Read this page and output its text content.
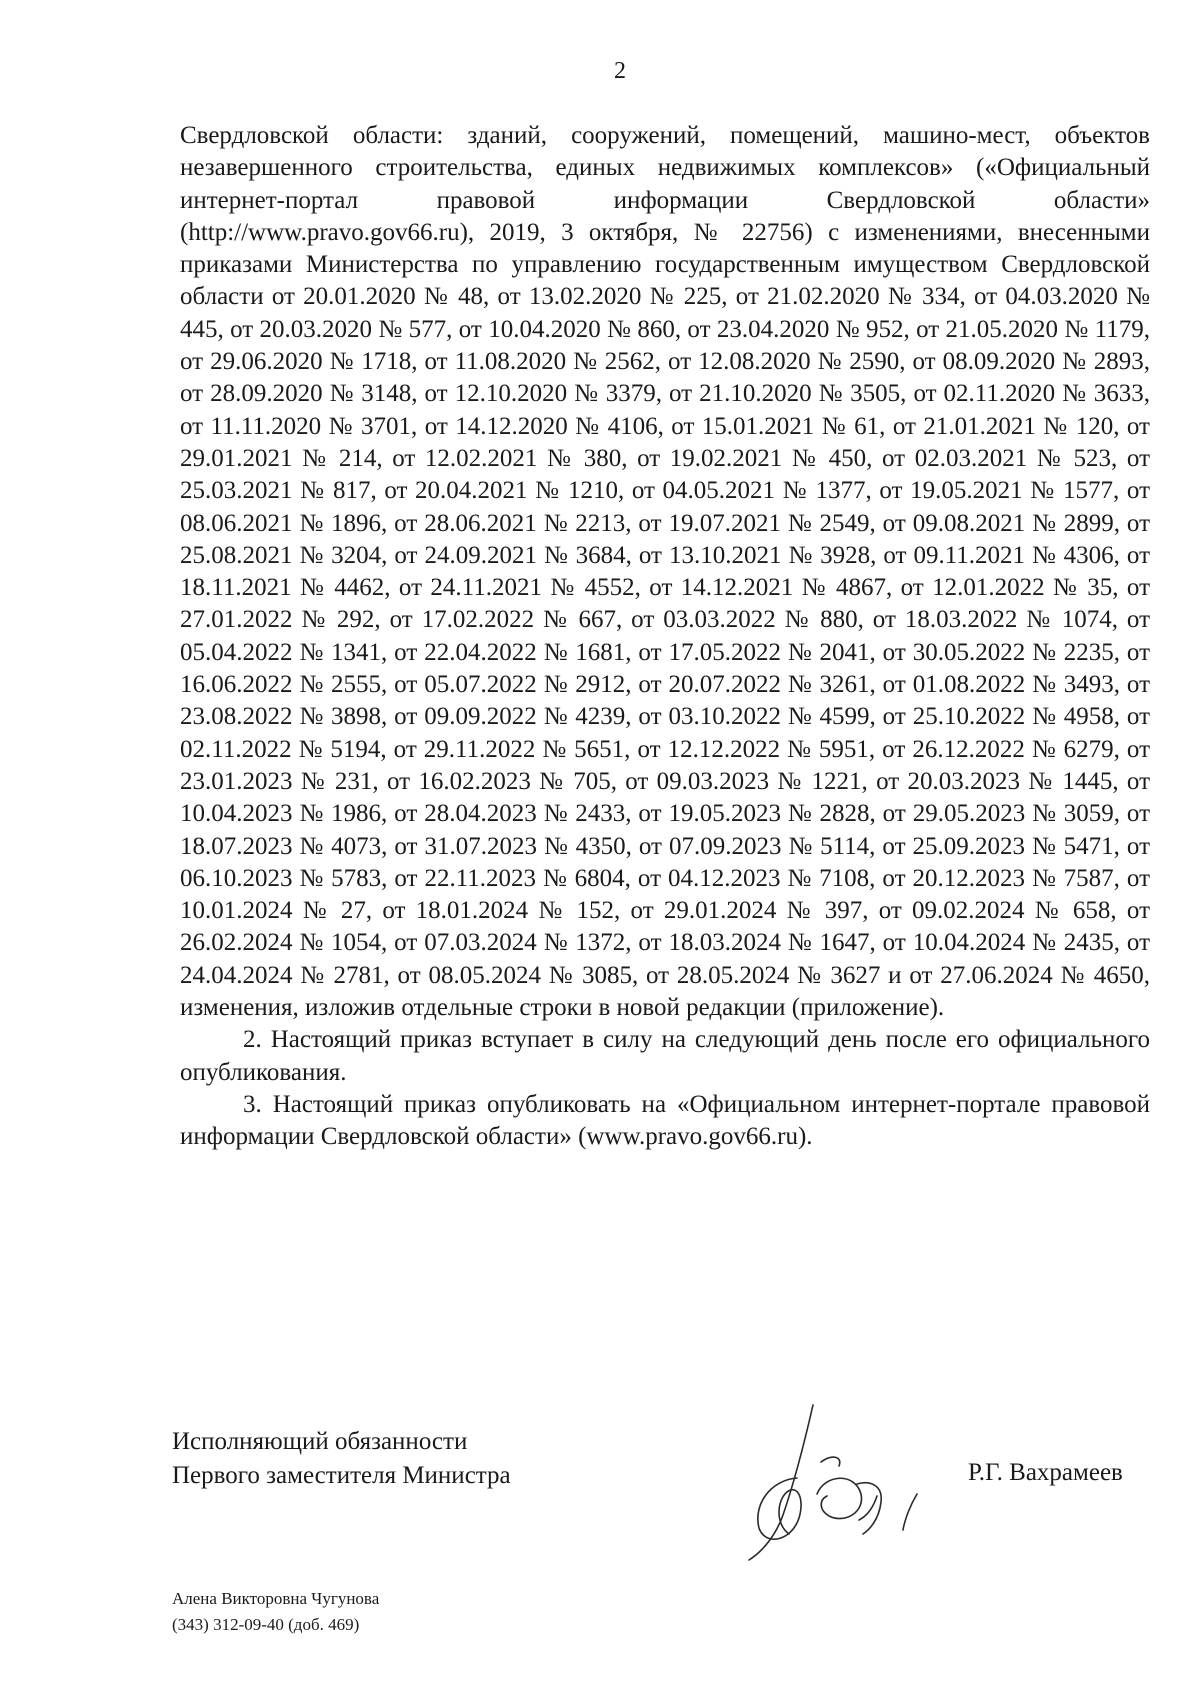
2

Свердловской области: зданий, сооружений, помещений, машино-мест, объектов незавершенного строительства, единых недвижимых комплексов» («Официальный интернет-портал правовой информации Свердловской области» (http://www.pravo.gov66.ru), 2019, 3 октября, № 22756) с изменениями, внесенными приказами Министерства по управлению государственным имуществом Свердловской области от 20.01.2020 № 48, от 13.02.2020 № 225, от 21.02.2020 № 334, от 04.03.2020 № 445, от 20.03.2020 № 577, от 10.04.2020 № 860, от 23.04.2020 № 952, от 21.05.2020 № 1179, от 29.06.2020 № 1718, от 11.08.2020 № 2562, от 12.08.2020 № 2590, от 08.09.2020 № 2893, от 28.09.2020 № 3148, от 12.10.2020 № 3379, от 21.10.2020 № 3505, от 02.11.2020 № 3633, от 11.11.2020 № 3701, от 14.12.2020 № 4106, от 15.01.2021 № 61, от 21.01.2021 № 120, от 29.01.2021 № 214, от 12.02.2021 № 380, от 19.02.2021 № 450, от 02.03.2021 № 523, от 25.03.2021 № 817, от 20.04.2021 № 1210, от 04.05.2021 № 1377, от 19.05.2021 № 1577, от 08.06.2021 № 1896, от 28.06.2021 № 2213, от 19.07.2021 № 2549, от 09.08.2021 № 2899, от 25.08.2021 № 3204, от 24.09.2021 № 3684, от 13.10.2021 № 3928, от 09.11.2021 № 4306, от 18.11.2021 № 4462, от 24.11.2021 № 4552, от 14.12.2021 № 4867, от 12.01.2022 № 35, от 27.01.2022 № 292, от 17.02.2022 № 667, от 03.03.2022 № 880, от 18.03.2022 № 1074, от 05.04.2022 № 1341, от 22.04.2022 № 1681, от 17.05.2022 № 2041, от 30.05.2022 № 2235, от 16.06.2022 № 2555, от 05.07.2022 № 2912, от 20.07.2022 № 3261, от 01.08.2022 № 3493, от 23.08.2022 № 3898, от 09.09.2022 № 4239, от 03.10.2022 № 4599, от 25.10.2022 № 4958, от 02.11.2022 № 5194, от 29.11.2022 № 5651, от 12.12.2022 № 5951, от 26.12.2022 № 6279, от 23.01.2023 № 231, от 16.02.2023 № 705, от 09.03.2023 № 1221, от 20.03.2023 № 1445, от 10.04.2023 № 1986, от 28.04.2023 № 2433, от 19.05.2023 № 2828, от 29.05.2023 № 3059, от 18.07.2023 № 4073, от 31.07.2023 № 4350, от 07.09.2023 № 5114, от 25.09.2023 № 5471, от 06.10.2023 № 5783, от 22.11.2023 № 6804, от 04.12.2023 № 7108, от 20.12.2023 № 7587, от 10.01.2024 № 27, от 18.01.2024 № 152, от 29.01.2024 № 397, от 09.02.2024 № 658, от 26.02.2024 № 1054, от 07.03.2024 № 1372, от 18.03.2024 № 1647, от 10.04.2024 № 2435, от 24.04.2024 № 2781, от 08.05.2024 № 3085, от 28.05.2024 № 3627 и от 27.06.2024 № 4650, изменения, изложив отдельные строки в новой редакции (приложение).

2. Настоящий приказ вступает в силу на следующий день после его официального опубликования.

3. Настоящий приказ опубликовать на «Официальном интернет-портале правовой информации Свердловской области» (www.pravo.gov66.ru).

Исполняющий обязанности
Первого заместителя Министра	Р.Г. Вахрамеев
Алена Викторовна Чугунова
(343) 312-09-40 (доб. 469)
